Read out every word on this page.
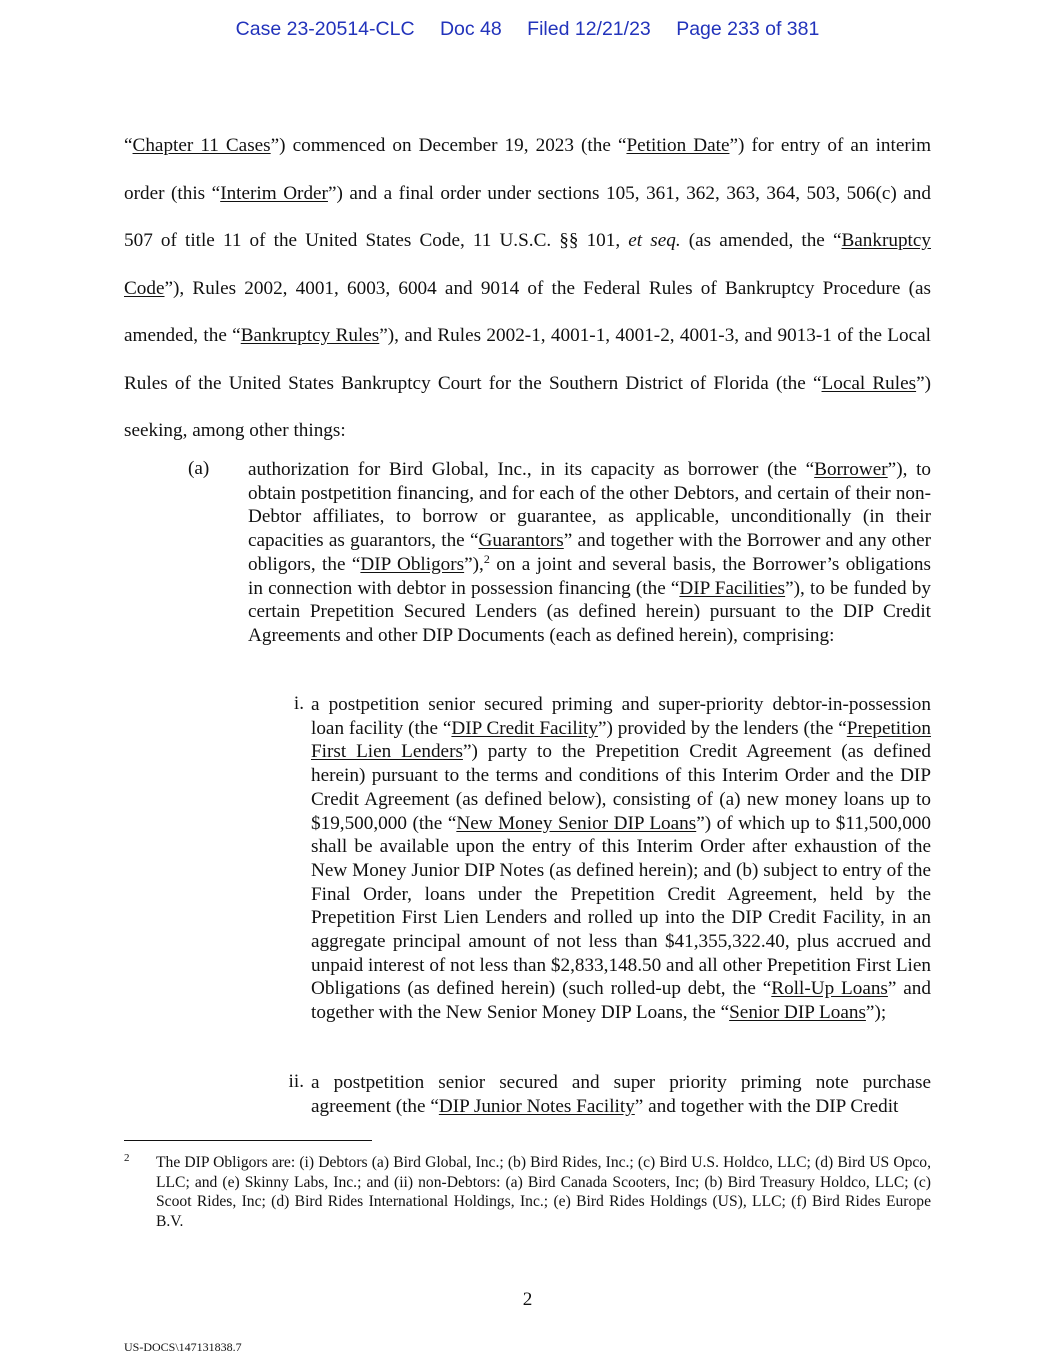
Case 23-20514-CLC Doc 48 Filed 12/21/23 Page 233 of 381

“Chapter 11 Cases”) commenced on December 19, 2023 (the “Petition Date”) for entry of an interim order (this “Interim Order”) and a final order under sections 105, 361, 362, 363, 364, 503, 506(c) and 507 of title 11 of the United States Code, 11 U.S.C. §§ 101, et seq. (as amended, the “Bankruptcy Code”), Rules 2002, 4001, 6003, 6004 and 9014 of the Federal Rules of Bankruptcy Procedure (as amended, the “Bankruptcy Rules”), and Rules 2002-1, 4001-1, 4001-2, 4001-3, and 9013-1 of the Local Rules of the United States Bankruptcy Court for the Southern District of Florida (the “Local Rules”) seeking, among other things:

(a) authorization for Bird Global, Inc., in its capacity as borrower (the “Borrower”), to obtain postpetition financing, and for each of the other Debtors, and certain of their non-Debtor affiliates, to borrow or guarantee, as applicable, unconditionally (in their capacities as guarantors, the “Guarantors” and together with the Borrower and any other obligors, the “DIP Obligors”),$^2$ on a joint and several basis, the Borrower’s obligations in connection with debtor in possession financing (the “DIP Facilities”), to be funded by certain Prepetition Secured Lenders (as defined herein) pursuant to the DIP Credit Agreements and other DIP Documents (each as defined herein), comprising:

i. a postpetition senior secured priming and super-priority debtor-in-possession loan facility (the “DIP Credit Facility”) provided by the lenders (the “Prepetition First Lien Lenders”) party to the Prepetition Credit Agreement (as defined herein) pursuant to the terms and conditions of this Interim Order and the DIP Credit Agreement (as defined below), consisting of (a) new money loans up to $19,500,000 (the “New Money Senior DIP Loans”) of which up to $11,500,000 shall be available upon the entry of this Interim Order after exhaustion of the New Money Junior DIP Notes (as defined herein); and (b) subject to entry of the Final Order, loans under the Prepetition Credit Agreement, held by the Prepetition First Lien Lenders and rolled up into the DIP Credit Facility, in an aggregate principal amount of not less than $41,355,322.40, plus accrued and unpaid interest of not less than $2,833,148.50 and all other Prepetition First Lien Obligations (as defined herein) (such rolled-up debt, the “Roll-Up Loans” and together with the New Senior Money DIP Loans, the “Senior DIP Loans”);

ii. a postpetition senior secured and super priority priming note purchase agreement (the “DIP Junior Notes Facility” and together with the DIP Credit

2 The DIP Obligors are: (i) Debtors (a) Bird Global, Inc.; (b) Bird Rides, Inc.; (c) Bird U.S. Holdco, LLC; (d) Bird US Opco, LLC; and (e) Skinny Labs, Inc.; and (ii) non-Debtors: (a) Bird Canada Scooters, Inc; (b) Bird Treasury Holdco, LLC; (c) Scoot Rides, Inc; (d) Bird Rides International Holdings, Inc.; (e) Bird Rides Holdings (US), LLC; (f) Bird Rides Europe B.V.

2
US-DOCS\147131838.7
